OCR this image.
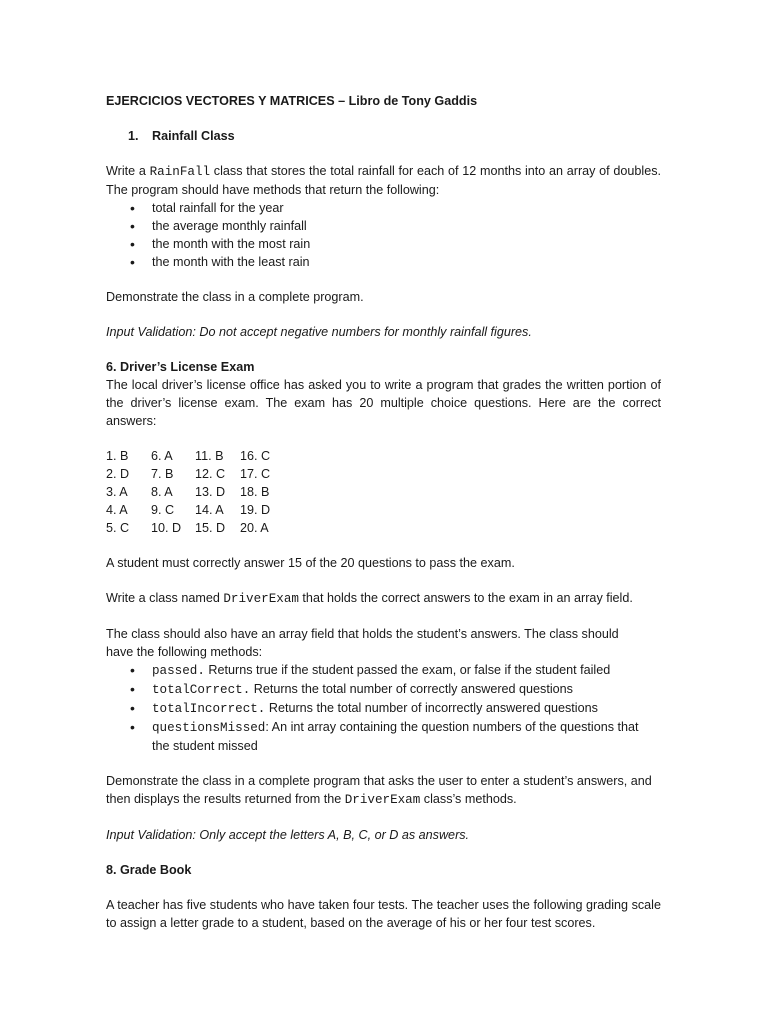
EJERCICIOS VECTORES Y MATRICES – Libro de Tony Gaddis

1. Rainfall Class

Write a RainFall class that stores the total rainfall for each of 12 months into an array of doubles. The program should have methods that return the following:

• total rainfall for the year
• the average monthly rainfall
• the month with the most rain
• the month with the least rain

Demonstrate the class in a complete program.

Input Validation: Do not accept negative numbers for monthly rainfall figures.

6. Driver’s License Exam

The local driver’s license office has asked you to write a program that grades the written portion of the driver’s license exam. The exam has 20 multiple choice questions. Here are the correct answers:

1. B	6. A	11. B	16. C
2. D	7. B	12. C	17. C
3. A	8. A	13. D	18. B
4. A	9. C	14. A	19. D
5. C	10. D	15. D	20. A

A student must correctly answer 15 of the 20 questions to pass the exam.

Write a class named DriverExam that holds the correct answers to the exam in an array field.

The class should also have an array field that holds the student’s answers. The class should

have the following methods:

• passed. Returns true if the student passed the exam, or false if the student failed
• totalCorrect. Returns the total number of correctly answered questions
• totalIncorrect. Returns the total number of incorrectly answered questions
• questionsMissed: An int array containing the question numbers of the questions that

the student missed

Demonstrate the class in a complete program that asks the user to enter a student’s answers, and then displays the results returned from the DriverExam class’s methods.

Input Validation: Only accept the letters A, B, C, or D as answers.

8. Grade Book

A teacher has five students who have taken four tests. The teacher uses the following grading scale to assign a letter grade to a student, based on the average of his or her four test scores.
